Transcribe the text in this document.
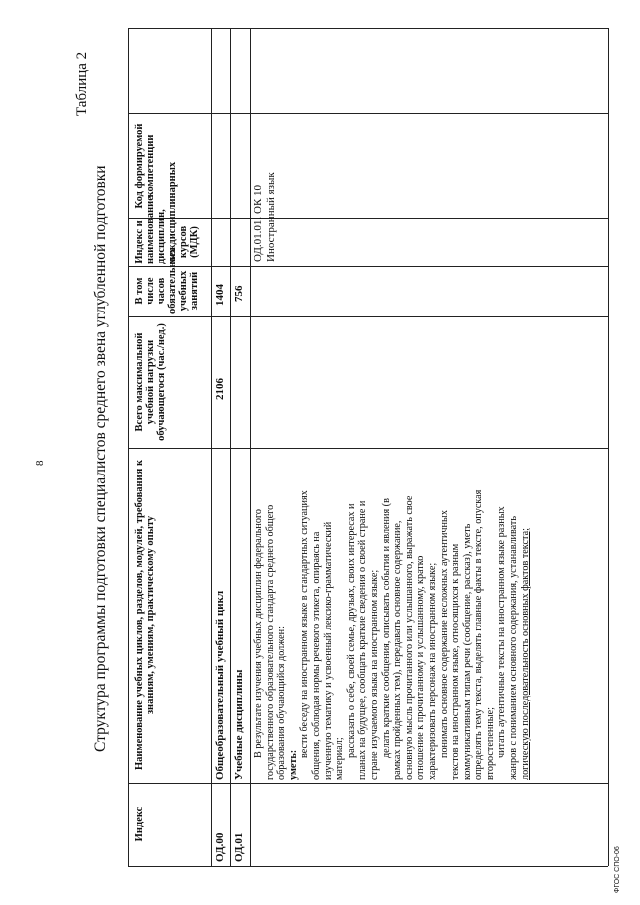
8
Таблица 2
Структура программы подготовки специалистов среднего звена углубленной подготовки
Индекс
Наименование учебных циклов, разделов, модулей, требования к знаниям, умениям, практическому опыту
Всего максимальной учебной нагрузки обучающегося (час./нед.)
В том числе часов обязательных учебных занятий
Индекс и наименование дисциплин, междисциплинарных курсов (МДК)
Код формируемой компетенции
ОД.00
Общеобразовательный учебный цикл
2106
1404
ОД.01
Учебные дисциплины
756
ОД.01.01. Иностранный язык
ОК 10
В результате изучения учебных дисциплин федерального государственного образовательного стандарта среднего общего образования обучающийся должен: уметь:
вести беседу на иностранном языке в стандартных ситуациях общения, соблюдая нормы речевого этикета, опираясь на изученную тематику и усвоенный лексико-грамматический материал;
рассказать о себе, своей семье, друзьях, своих интересах и планах на будущее, сообщать краткие сведения о своей стране и стране изучаемого языка на иностранном языке; делать краткие сообщения, описывать события и явления (в рамках пройденных тем), передавать основное содержание, основную мысль прочитанного или услышанного, выражать свое отношение к прочитанному и услышанному, кратко характеризовать персонаж на иностранном языке; понимать основное содержание несложных аутентичных текстов на иностранном языке, относящихся к разным коммуникативным типам речи (сообщение, рассказ), уметь определять тему текста, выделять главные факты в тексте, опуская второстепенные; читать аутентичные тексты на иностранном языке разных жанров с пониманием основного содержания, устанавливать логическую последовательность основных фактов текста;
ФГОС СПО-06
